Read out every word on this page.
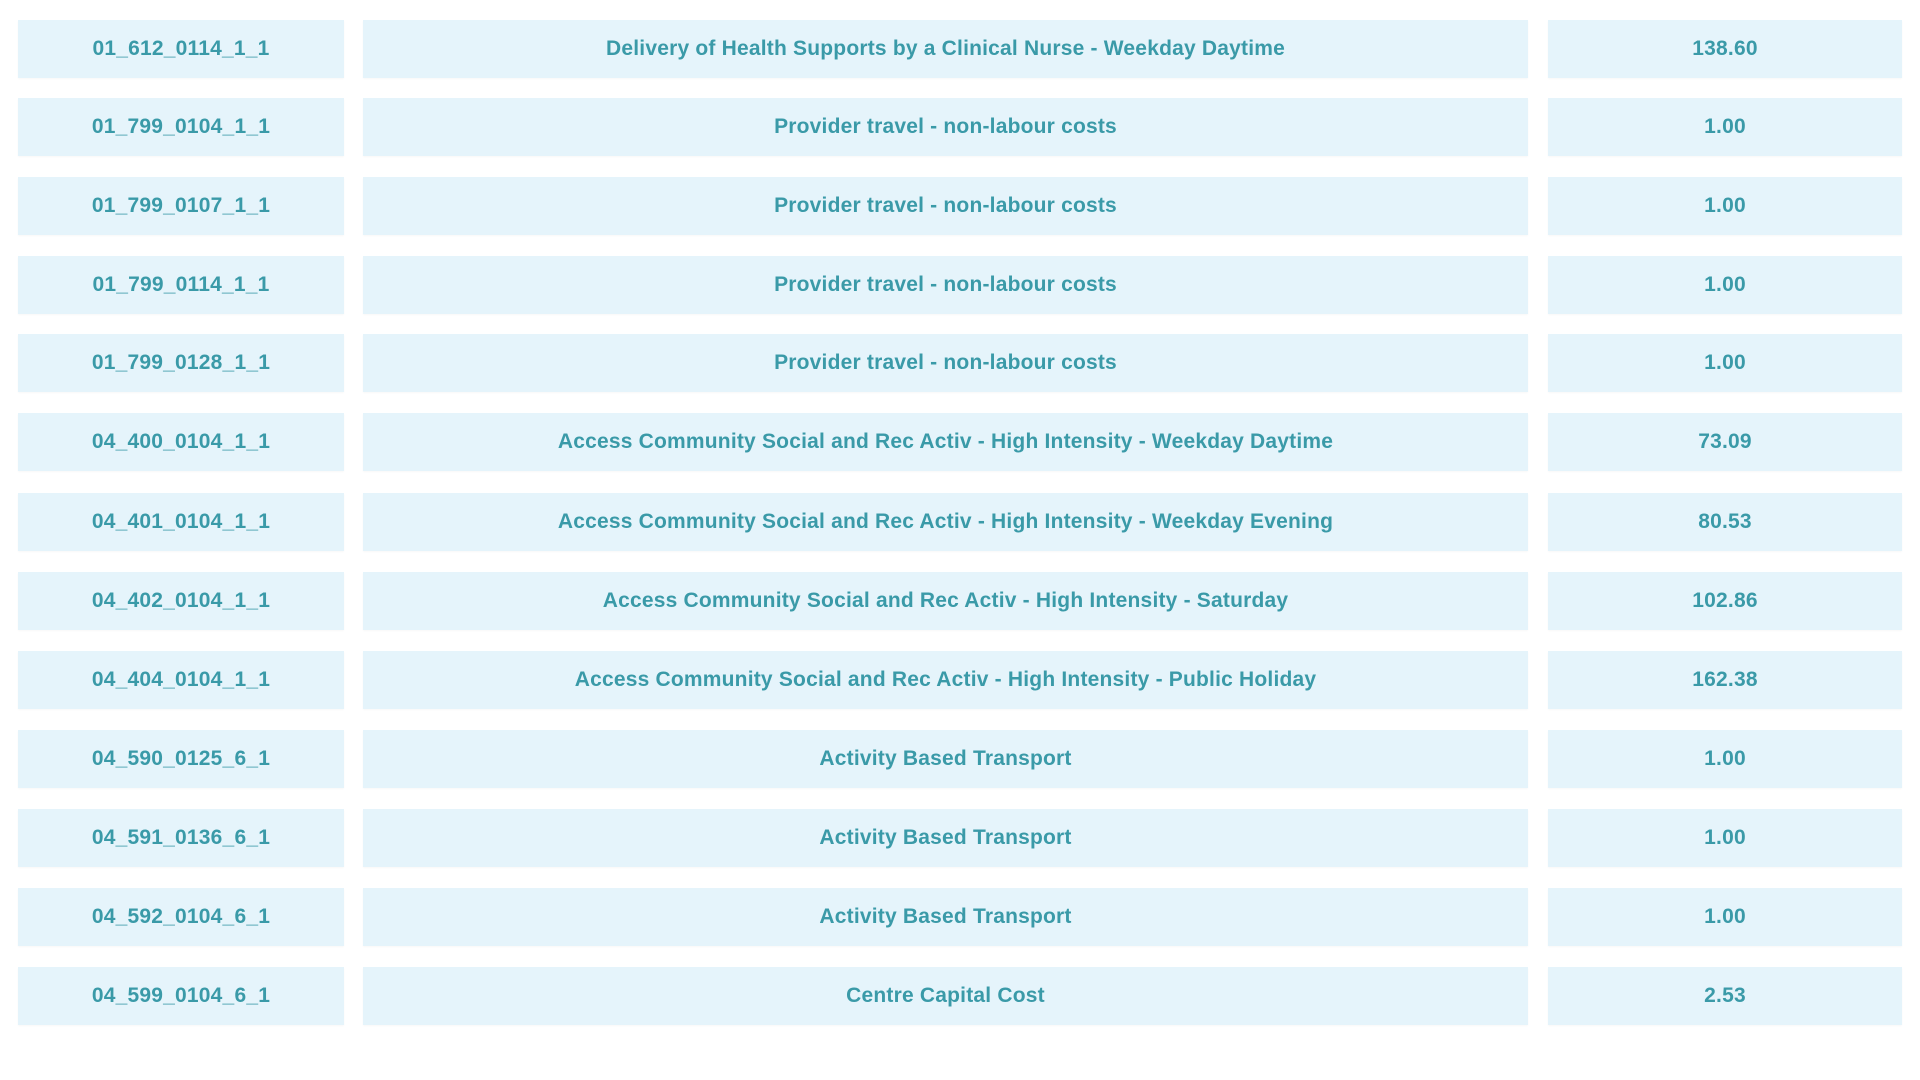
01_612_0114_1_1	Delivery of Health Supports by a Clinical Nurse - Weekday Daytime	138.60
01_799_0104_1_1	Provider travel - non-labour costs	1.00
01_799_0107_1_1	Provider travel - non-labour costs	1.00
01_799_0114_1_1	Provider travel - non-labour costs	1.00
01_799_0128_1_1	Provider travel - non-labour costs	1.00
04_400_0104_1_1	Access Community Social and Rec Activ - High Intensity - Weekday Daytime	73.09
04_401_0104_1_1	Access Community Social and Rec Activ - High Intensity - Weekday Evening	80.53
04_402_0104_1_1	Access Community Social and Rec Activ - High Intensity - Saturday	102.86
04_404_0104_1_1	Access Community Social and Rec Activ - High Intensity - Public Holiday	162.38
04_590_0125_6_1	Activity Based Transport	1.00
04_591_0136_6_1	Activity Based Transport	1.00
04_592_0104_6_1	Activity Based Transport	1.00
04_599_0104_6_1	Centre Capital Cost	2.53
